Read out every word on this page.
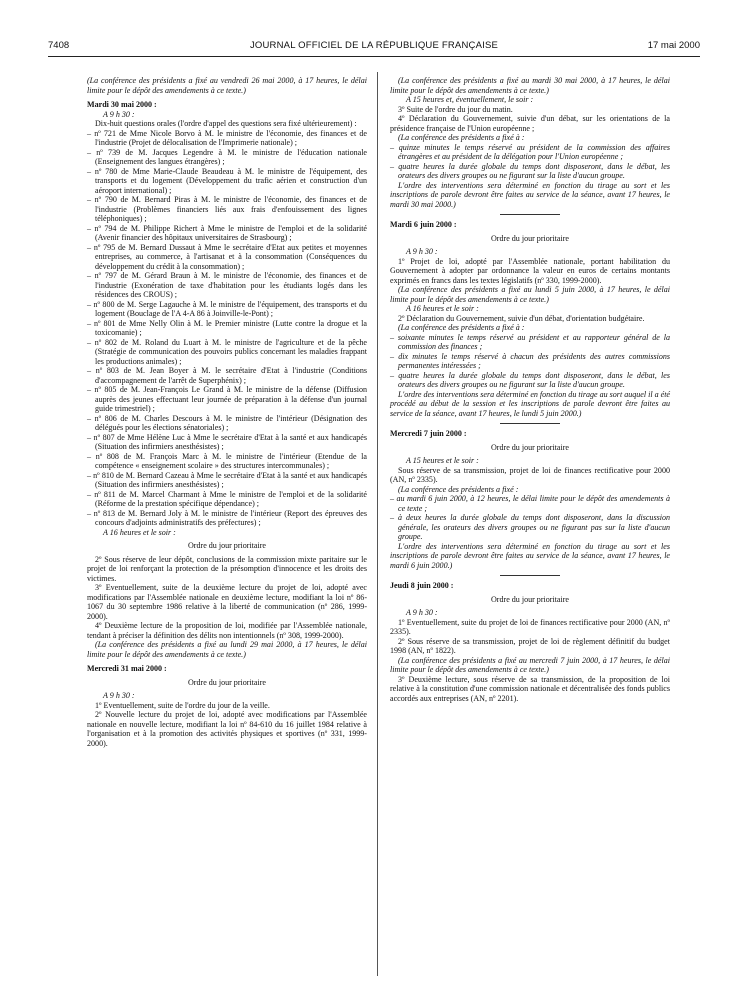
7408	JOURNAL OFFICIEL DE LA RÉPUBLIQUE FRANÇAISE	17 mai 2000

(La conférence des présidents a fixé au vendredi 26 mai 2000, à 17 heures, le délai limite pour le dépôt des amendements à ce texte.)

Mardi 30 mai 2000 :

A 9 h 30 :

Dix-huit questions orales (l'ordre d'appel des questions sera fixé ultérieurement) :

– nº 721 de Mme Nicole Borvo à M. le ministre de l'économie, des finances et de l'industrie (Projet de délocalisation de l'Imprimerie nationale) ;

– nº 739 de M. Jacques Legendre à M. le ministre de l'éducation nationale (Enseignement des langues étrangères) ;

– nº 780 de Mme Marie-Claude Beaudeau à M. le ministre de l'équipement, des transports et du logement (Développement du trafic aérien et construction d'un aéroport international) ;

– nº 790 de M. Bernard Piras à M. le ministre de l'économie, des finances et de l'industrie (Problèmes financiers liés aux frais d'enfouissement des lignes téléphoniques) ;

– nº 794 de M. Philippe Richert à Mme le ministre de l'emploi et de la solidarité (Avenir financier des hôpitaux universitaires de Strasbourg) ;

– nº 795 de M. Bernard Dussaut à Mme le secrétaire d'Etat aux petites et moyennes entreprises, au commerce, à l'artisanat et à la consommation (Conséquences du développement du crédit à la consommation) ;

– nº 797 de M. Gérard Braun à M. le ministre de l'économie, des finances et de l'industrie (Exonération de taxe d'habitation pour les étudiants logés dans les résidences des CROUS) ;

– nº 800 de M. Serge Lagauche à M. le ministre de l'équipement, des transports et du logement (Bouclage de l'A 4-A 86 à Joinville-le-Pont) ;

– nº 801 de Mme Nelly Olin à M. le Premier ministre (Lutte contre la drogue et la toxicomanie) ;

– nº 802 de M. Roland du Luart à M. le ministre de l'agriculture et de la pêche (Stratégie de communication des pouvoirs publics concernant les maladies frappant les productions animales) ;

– nº 803 de M. Jean Boyer à M. le secrétaire d'Etat à l'industrie (Conditions d'accompagnement de l'arrêt de Superphénix) ;

– nº 805 de M. Jean-François Le Grand à M. le ministre de la défense (Diffusion auprès des jeunes effectuant leur journée de préparation à la défense d'un journal guide trimestriel) ;

– nº 806 de M. Charles Descours à M. le ministre de l'intérieur (Désignation des délégués pour les élections sénatoriales) ;

– nº 807 de Mme Hélène Luc à Mme le secrétaire d'Etat à la santé et aux handicapés (Situation des infirmiers anesthésistes) ;

– nº 808 de M. François Marc à M. le ministre de l'intérieur (Etendue de la compétence « enseignement scolaire » des structures intercommunales) ;

– nº 810 de M. Bernard Cazeau à Mme le secrétaire d'Etat à la santé et aux handicapés (Situation des infirmiers anesthésistes) ;

– nº 811 de M. Marcel Charmant à Mme le ministre de l'emploi et de la solidarité (Réforme de la prestation spécifique dépendance) ;

– nº 813 de M. Bernard Joly à M. le ministre de l'intérieur (Report des épreuves des concours d'adjoints administratifs des préfectures) ;

A 16 heures et le soir :

Ordre du jour prioritaire

2º Sous réserve de leur dépôt, conclusions de la commission mixte paritaire sur le projet de loi renforçant la protection de la présomption d'innocence et les droits des victimes.

3º Eventuellement, suite de la deuxième lecture du projet de loi, adopté avec modifications par l'Assemblée nationale en deuxième lecture, modifiant la loi nº 86-1067 du 30 septembre 1986 relative à la liberté de communication (nº 286, 1999-2000).

4º Deuxième lecture de la proposition de loi, modifiée par l'Assemblée nationale, tendant à préciser la définition des délits non intentionnels (nº 308, 1999-2000).

(La conférence des présidents a fixé au lundi 29 mai 2000, à 17 heures, le délai limite pour le dépôt des amendements à ce texte.)

Mercredi 31 mai 2000 :

Ordre du jour prioritaire

A 9 h 30 :

1º Eventuellement, suite de l'ordre du jour de la veille.

2º Nouvelle lecture du projet de loi, adopté avec modifications par l'Assemblée nationale en nouvelle lecture, modifiant la loi nº 84-610 du 16 juillet 1984 relative à l'organisation et à la promotion des activités physiques et sportives (nº 331, 1999-2000).

(La conférence des présidents a fixé au mardi 30 mai 2000, à 17 heures, le délai limite pour le dépôt des amendements à ce texte.)

A 15 heures et, éventuellement, le soir :

3º Suite de l'ordre du jour du matin.

4º Déclaration du Gouvernement, suivie d'un débat, sur les orientations de la présidence française de l'Union européenne ;

(La conférence des présidents a fixé à :

– quinze minutes le temps réservé au président de la commission des affaires étrangères et au président de la délégation pour l'Union européenne ;

– quatre heures la durée globale du temps dont disposeront, dans le débat, les orateurs des divers groupes ou ne figurant sur la liste d'aucun groupe.

L'ordre des interventions sera déterminé en fonction du tirage au sort et les inscriptions de parole devront être faites au service de la séance, avant 17 heures, le mardi 30 mai 2000.)

Mardi 6 juin 2000 :

Ordre du jour prioritaire

A 9 h 30 :

1º Projet de loi, adopté par l'Assemblée nationale, portant habilitation du Gouvernement à adopter par ordonnance la valeur en euros de certains montants exprimés en francs dans les textes législatifs (nº 330, 1999-2000).

(La conférence des présidents a fixé au lundi 5 juin 2000, à 17 heures, le délai limite pour le dépôt des amendements à ce texte.)

A 16 heures et le soir :

2º Déclaration du Gouvernement, suivie d'un débat, d'orientation budgétaire.

(La conférence des présidents a fixé à :

– soixante minutes le temps réservé au président et au rapporteur général de la commission des finances ;

– dix minutes le temps réservé à chacun des présidents des autres commissions permanentes intéressées ;

– quatre heures la durée globale du temps dont disposeront, dans le débat, les orateurs des divers groupes ou ne figurant sur la liste d'aucun groupe.

L'ordre des interventions sera déterminé en fonction du tirage au sort auquel il a été procédé au début de la session et les inscriptions de parole devront être faites au service de la séance, avant 17 heures, le lundi 5 juin 2000.)

Mercredi 7 juin 2000 :

Ordre du jour prioritaire

A 15 heures et le soir :

Sous réserve de sa transmission, projet de loi de finances rectificative pour 2000 (AN, nº 2335).

(La conférence des présidents a fixé :

– au mardi 6 juin 2000, à 12 heures, le délai limite pour le dépôt des amendements à ce texte ;

– à deux heures la durée globale du temps dont disposeront, dans la discussion générale, les orateurs des divers groupes ou ne figurant pas sur la liste d'aucun groupe.

L'ordre des interventions sera déterminé en fonction du tirage au sort et les inscriptions de parole devront être faites au service de la séance, avant 17 heures, le mardi 6 juin 2000.)

Jeudi 8 juin 2000 :

Ordre du jour prioritaire

A 9 h 30 :

1º Eventuellement, suite du projet de loi de finances rectificative pour 2000 (AN, nº 2335).

2º Sous réserve de sa transmission, projet de loi de règlement définitif du budget 1998 (AN, nº 1822).

(La conférence des présidents a fixé au mercredi 7 juin 2000, à 17 heures, le délai limite pour le dépôt des amendements à ce texte.)

3º Deuxième lecture, sous réserve de sa transmission, de la proposition de loi relative à la constitution d'une commission nationale et décentralisée des fonds publics accordés aux entreprises (AN, nº 2201).
